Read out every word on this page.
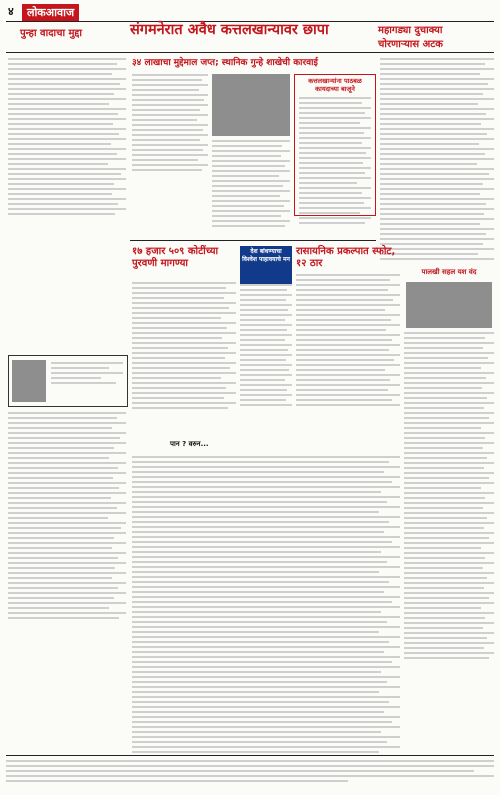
४	लोकआवाज
पुन्हा वादाचा मुद्दा	संगमनेरात अवैध कत्तलखान्यावर छापा	महागड्या दुचाक्या
चोरणाऱ्यास अटक
३४ लाखाचा मुद्देमाल जप्त; स्थानिक गुन्हे शाखेची कारवाई
कत्तलखान्यांना पाठबळ कायदाच्या बाजूने
१७ हजार ५०९ कोटींच्या पुरवणी मागण्या
देश बांधण्याचा विश्वेश पाहावयाचे मन
रासायनिक प्रकल्पात स्फोट, १२ ठार
पालखी सहल यश वंद
पान ? वरुन...
